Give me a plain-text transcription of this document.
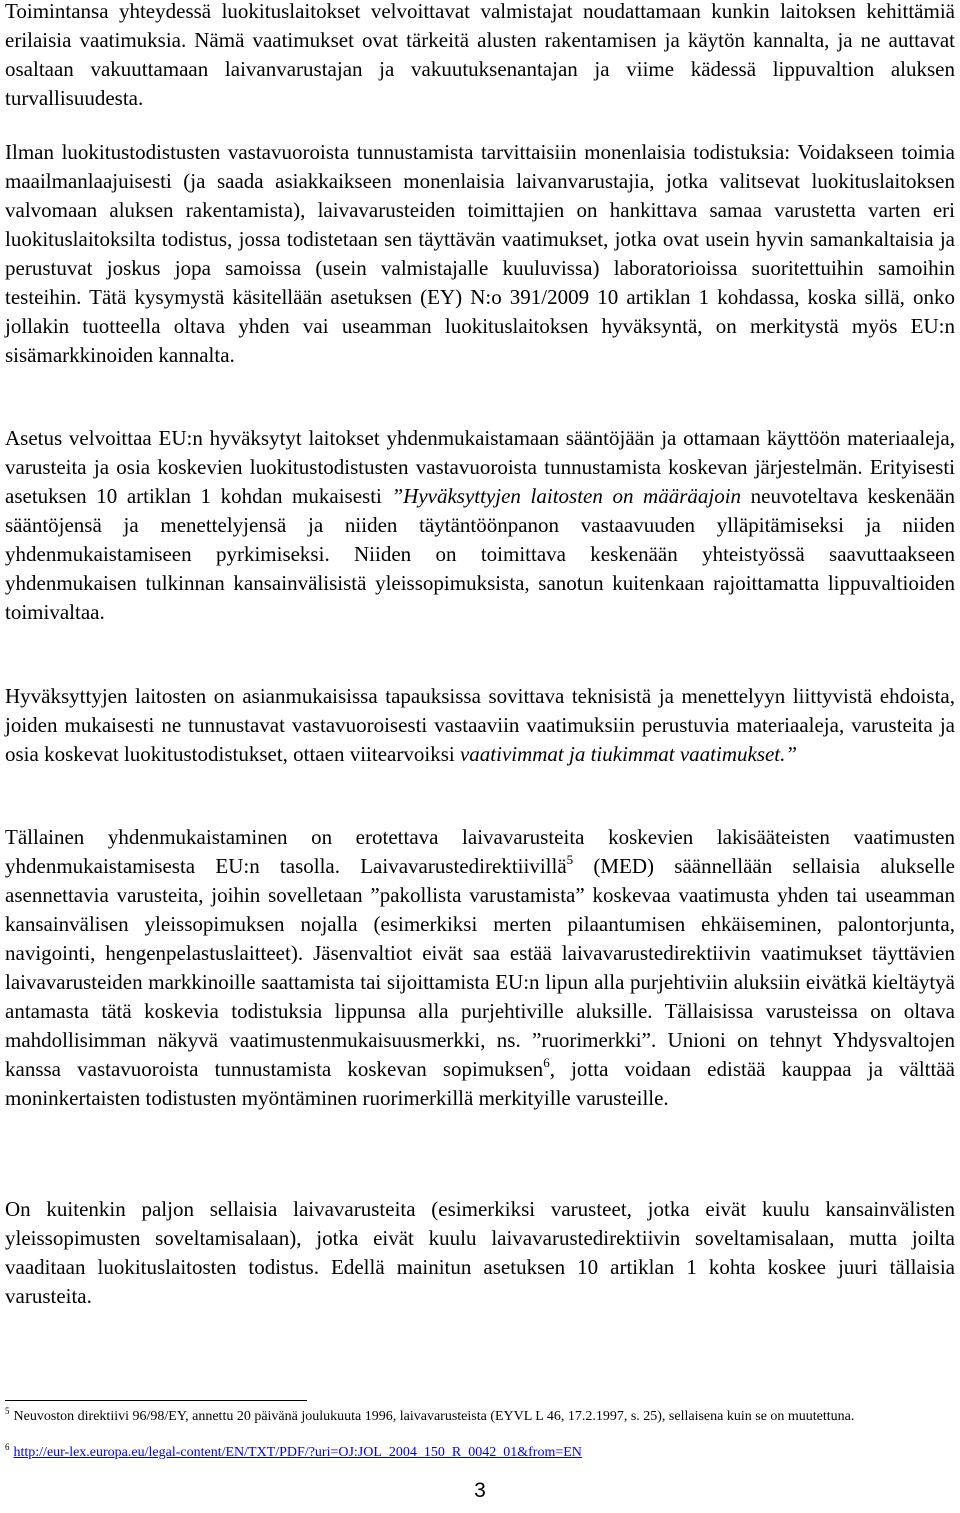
Toimintansa yhteydessä luokituslaitokset velvoittavat valmistajat noudattamaan kunkin laitoksen kehittämiä erilaisia vaatimuksia. Nämä vaatimukset ovat tärkeitä alusten rakentamisen ja käytön kannalta, ja ne auttavat osaltaan vakuuttamaan laivanvarustajan ja vakuutuksenantajan ja viime kädessä lippuvaltion aluksen turvallisuudesta.

Ilman luokitustodistusten vastavuoroista tunnustamista tarvittaisiin monenlaisia todistuksia: Voidakseen toimia maailmanlaajuisesti (ja saada asiakkaikseen monenlaisia laivanvarustajia, jotka valitsevat luokituslaitoksen valvomaan aluksen rakentamista), laivavarusteiden toimittajien on hankittava samaa varustetta varten eri luokituslaitoksilta todistus, jossa todistetaan sen täyttävän vaatimukset, jotka ovat usein hyvin samankaltaisia ja perustuvat joskus jopa samoissa (usein valmistajalle kuuluvissa) laboratorioissa suoritettuihin samoihin testeihin. Tätä kysymystä käsitellään asetuksen (EY) N:o 391/2009 10 artiklan 1 kohdassa, koska sillä, onko jollakin tuotteella oltava yhden vai useamman luokituslaitoksen hyväksyntä, on merkitystä myös EU:n sisämarkkinoiden kannalta.

Asetus velvoittaa EU:n hyväksytyt laitokset yhdenmukaistamaan sääntöjään ja ottamaan käyttöön materiaaleja, varusteita ja osia koskevien luokitustodistusten vastavuoroista tunnustamista koskevan järjestelmän. Erityisesti asetuksen 10 artiklan 1 kohdan mukaisesti ”Hyväksyttyjen laitosten on määräajoin neuvoteltava keskenään sääntöjensä ja menettelyjensä ja niiden täytäntöönpanon vastaavuuden ylläpitämiseksi ja niiden yhdenmukaistamiseen pyrkimiseksi. Niiden on toimittava keskenään yhteistyössä saavuttaakseen yhdenmukaisen tulkinnan kansainvälisistä yleissopimuksista, sanotun kuitenkaan rajoittamatta lippuvaltioiden toimivaltaa.

Hyväksyttyjen laitosten on asianmukaisissa tapauksissa sovittava teknisistä ja menettelyyn liittyvistä ehdoista, joiden mukaisesti ne tunnustavat vastavuoroisesti vastaaviin vaatimuksiin perustuvia materiaaleja, varusteita ja osia koskevat luokitustodistukset, ottaen viitearvoiksi vaativimmat ja tiukimmat vaatimukset.”

Tällainen yhdenmukaistaminen on erotettava laivavarusteita koskevien lakisääteisten vaatimusten yhdenmukaistamisesta EU:n tasolla. Laivavarustedirektiivillä$^5$ (MED) säännellään sellaisia alukselle asennettavia varusteita, joihin sovelletaan ”pakollista varustamista” koskevaa vaatimusta yhden tai useamman kansainvälisen yleissopimuksen nojalla (esimerkiksi merten pilaantumisen ehkäiseminen, palontorjunta, navigointi, hengenpelastuslaitteet). Jäsenvaltiot eivät saa estää laivavarustedirektiivin vaatimukset täyttävien laivavarusteiden markkinoille saattamista tai sijoittamista EU:n lipun alla purjehtiviin aluksiin eivätkä kieltäytyä antamasta tätä koskevia todistuksia lippunsa alla purjehtiville aluksille. Tällaisissa varusteissa on oltava mahdollisimman näkyvä vaatimustenmukaisuusmerkki, ns. ”ruorimerkki”. Unioni on tehnyt Yhdysvaltojen kanssa vastavuoroista tunnustamista koskevan sopimuksen$^6$, jotta voidaan edistää kauppaa ja välttää moninkertaisten todistusten myöntäminen ruorimerkillä merkityille varusteille.

On kuitenkin paljon sellaisia laivavarusteita (esimerkiksi varusteet, jotka eivät kuulu kansainvälisten yleissopimusten soveltamisalaan), jotka eivät kuulu laivavarustedirektiivin soveltamisalaan, mutta joilta vaaditaan luokituslaitosten todistus. Edellä mainitun asetuksen 10 artiklan 1 kohta koskee juuri tällaisia varusteita.

$^5$ Neuvoston direktiivi 96/98/EY, annettu 20 päivänä joulukuuta 1996, laivavarusteista (EYVL L 46, 17.2.1997, s. 25), sellaisena kuin se on muutettuna.

$^6$ http://eur-lex.europa.eu/legal-content/EN/TXT/PDF/?uri=OJ:JOL_2004_150_R_0042_01&from=EN

3
